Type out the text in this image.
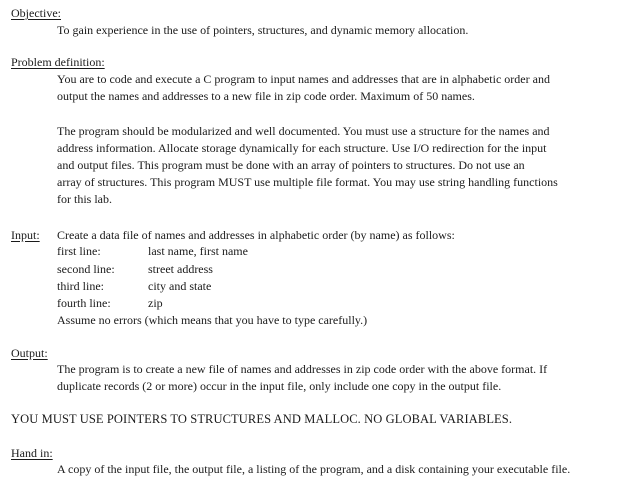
Objective:
To gain experience in the use of pointers, structures, and dynamic memory allocation.
Problem definition:
You are to code and execute a C program to input names and addresses that are in alphabetic order and
output the names and addresses to a new file in zip code order. Maximum of 50 names.
The program should be modularized and well documented. You must use a structure for the names and
address information. Allocate storage dynamically for each structure. Use I/O redirection for the input
and output files. This program must be done with an array of pointers to structures. Do not use an
array of structures. This program MUST use multiple file format. You may use string handling functions
for this lab.
Input: Create a data file of names and addresses in alphabetic order (by name) as follows:
first line:	last name, first name
second line:	street address
third line:	city and state
fourth line:	zip
Assume no errors (which means that you have to type carefully.)
Output:
The program is to create a new file of names and addresses in zip code order with the above format. If
duplicate records (2 or more) occur in the input file, only include one copy in the output file.
YOU MUST USE POINTERS TO STRUCTURES AND MALLOC. NO GLOBAL VARIABLES.
Hand in:
A copy of the input file, the output file, a listing of the program, and a disk containing your executable file.
